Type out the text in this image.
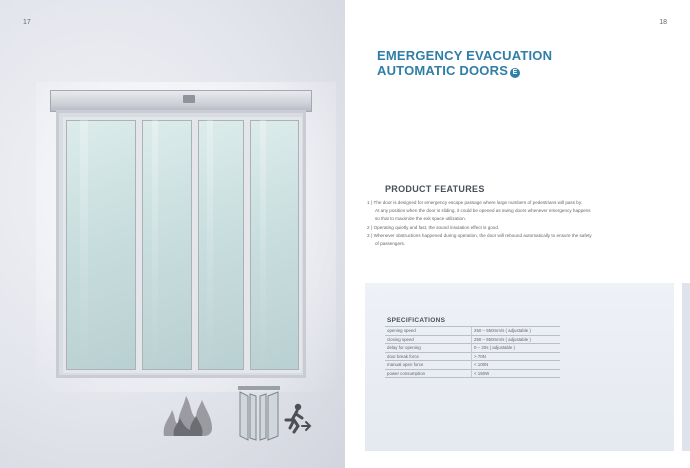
17	18
EMERGENCY EVACUATION
AUTOMATIC DOORS E
PRODUCT FEATURES
1 ) The door is designed for emergency escape passage where large numbers of pedestrians will pass by.
At any position when the door is sliding, it could be opened as swing doors whenever emergency happens
so that to maximize the exit space utilization.
2 ) Operating quietly and fast, the sound insulation effect is good.
3 ) Whenever obstructions happened during operation, the door will rebound automatically to ensure the safety
of passengers.
SPECIFICATIONS
opening speed	250 – 550mm/s ( adjustable )
closing speed	250 – 550mm/s ( adjustable )
delay for opening	0 – 20s ( adjustable )
door break force	> 70N
manual open force	< 100N
power consumption	< 150W
